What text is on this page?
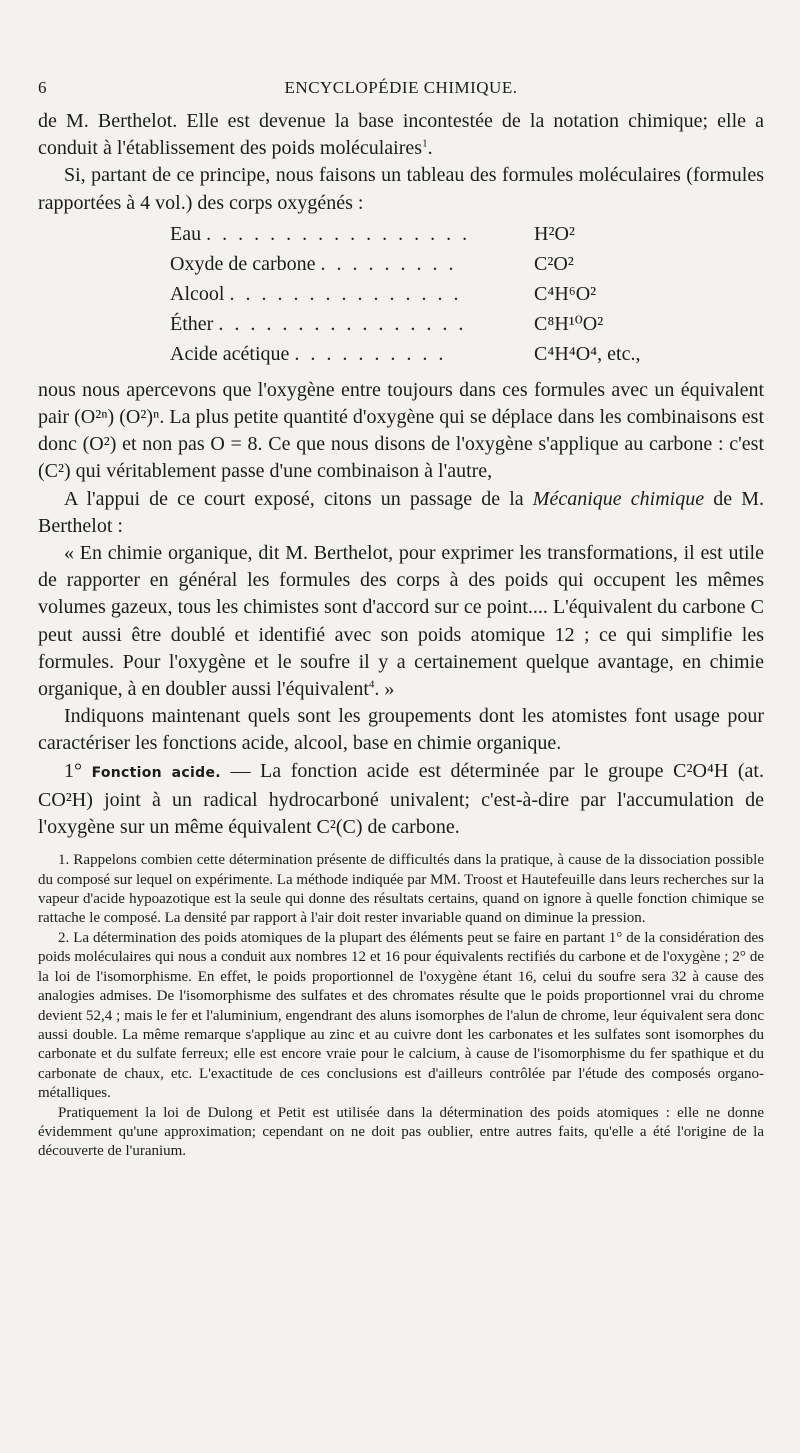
6	ENCYCLOPÉDIE CHIMIQUE.

de M. Berthelot. Elle est devenue la base incontestée de la notation chimique; elle a conduit à l'établissement des poids moléculaires$^1$.

Si, partant de ce principe, nous faisons un tableau des formules moléculaires (formules rapportées à 4 vol.) des corps oxygénés :

Eau . . . . . . . . . . . . . . . . .	H²O²
Oxyde de carbone . . . . . . . . .	C²O²
Alcool . . . . . . . . . . . . . . .	C⁴H⁶O²
Éther . . . . . . . . . . . . . . . .	C⁸H¹⁰O²
Acide acétique . . . . . . . . . .	C⁴H⁴O⁴, etc.,

nous nous apercevons que l'oxygène entre toujours dans ces formules avec un équivalent pair (O²ⁿ) (O²)ⁿ. La plus petite quantité d'oxygène qui se déplace dans les combinaisons est donc (O²) et non pas O = 8. Ce que nous disons de l'oxygène s'applique au carbone : c'est (C²) qui véritablement passe d'une combinaison à l'autre,

A l'appui de ce court exposé, citons un passage de la Mécanique chimique de M. Berthelot :

« En chimie organique, dit M. Berthelot, pour exprimer les transformations, il est utile de rapporter en général les formules des corps à des poids qui occupent les mêmes volumes gazeux, tous les chimistes sont d'accord sur ce point.... L'équivalent du carbone C peut aussi être doublé et identifié avec son poids atomique 12 ; ce qui simplifie les formules. Pour l'oxygène et le soufre il y a certainement quelque avantage, en chimie organique, à en doubler aussi l'équivalent$^4$. »

Indiquons maintenant quels sont les groupements dont les atomistes font usage pour caractériser les fonctions acide, alcool, base en chimie organique.

1° Fonction acide. — La fonction acide est déterminée par le groupe C²O⁴H (at. CO²H) joint à un radical hydrocarboné univalent; c'est-à-dire par l'accumulation de l'oxygène sur un même équivalent C²(C) de carbone.

1. Rappelons combien cette détermination présente de difficultés dans la pratique, à cause de la dissociation possible du composé sur lequel on expérimente. La méthode indiquée par MM. Troost et Hautefeuille dans leurs recherches sur la vapeur d'acide hypoazotique est la seule qui donne des résultats certains, quand on ignore à quelle fonction chimique se rattache le composé. La densité par rapport à l'air doit rester invariable quand on diminue la pression.

2. La détermination des poids atomiques de la plupart des éléments peut se faire en partant 1° de la considération des poids moléculaires qui nous a conduit aux nombres 12 et 16 pour équivalents rectifiés du carbone et de l'oxygène ; 2° de la loi de l'isomorphisme. En effet, le poids proportionnel de l'oxygène étant 16, celui du soufre sera 32 à cause des analogies admises. De l'isomorphisme des sulfates et des chromates résulte que le poids proportionnel vrai du chrome devient 52,4 ; mais le fer et l'aluminium, engendrant des aluns isomorphes de l'alun de chrome, leur équivalent sera donc aussi double. La même remarque s'applique au zinc et au cuivre dont les carbonates et les sulfates sont isomorphes du carbonate et du sulfate ferreux; elle est encore vraie pour le calcium, à cause de l'isomorphisme du fer spathique et du carbonate de chaux, etc. L'exactitude de ces conclusions est d'ailleurs contrôlée par l'étude des composés organo-métalliques.

Pratiquement la loi de Dulong et Petit est utilisée dans la détermination des poids atomiques : elle ne donne évidemment qu'une approximation; cependant on ne doit pas oublier, entre autres faits, qu'elle a été l'origine de la découverte de l'uranium.
